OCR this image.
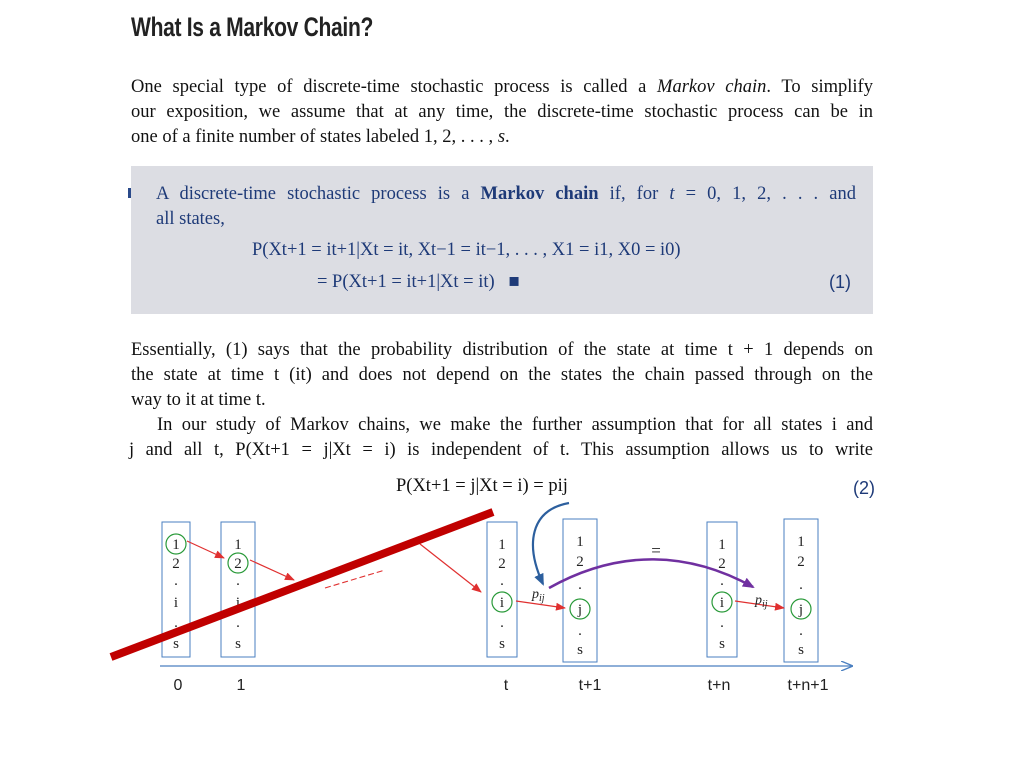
What Is a Markov Chain?
One special type of discrete-time stochastic process is called a Markov chain. To simplify
our exposition, we assume that at any time, the discrete-time stochastic process can be in
one of a finite number of states labeled 1, 2, . . . , s.
A discrete-time stochastic process is a Markov chain if, for t = 0, 1, 2, . . . and
all states,
P(Xt+1 = it+1|Xt = it, Xt−1 = it−1, . . . , X1 = i1, X0 = i0)
= P(Xt+1 = it+1|Xt = it) ■	(1)
Essentially, (1) says that the probability distribution of the state at time t + 1 depends on
the state at time t (it) and does not depend on the states the chain passed through on the
way to it at time t.
In our study of Markov chains, we make the further assumption that for all states i and
j and all t, P(Xt+1 = j|Xt = i) is independent of t. This assumption allows us to write
P(Xt+1 = j|Xt = i) = pij	(2)
1
2
.
i
.
s
0
1
2
.
i
.
s
1
1
2
.
i
.
s
t
1
2
.
j
.
s
t+1
1
2
.
i
.
s
t+n
1
2
.
j
.
s
t+n+1
$p_{ij}$	$p_{ij}$
=
